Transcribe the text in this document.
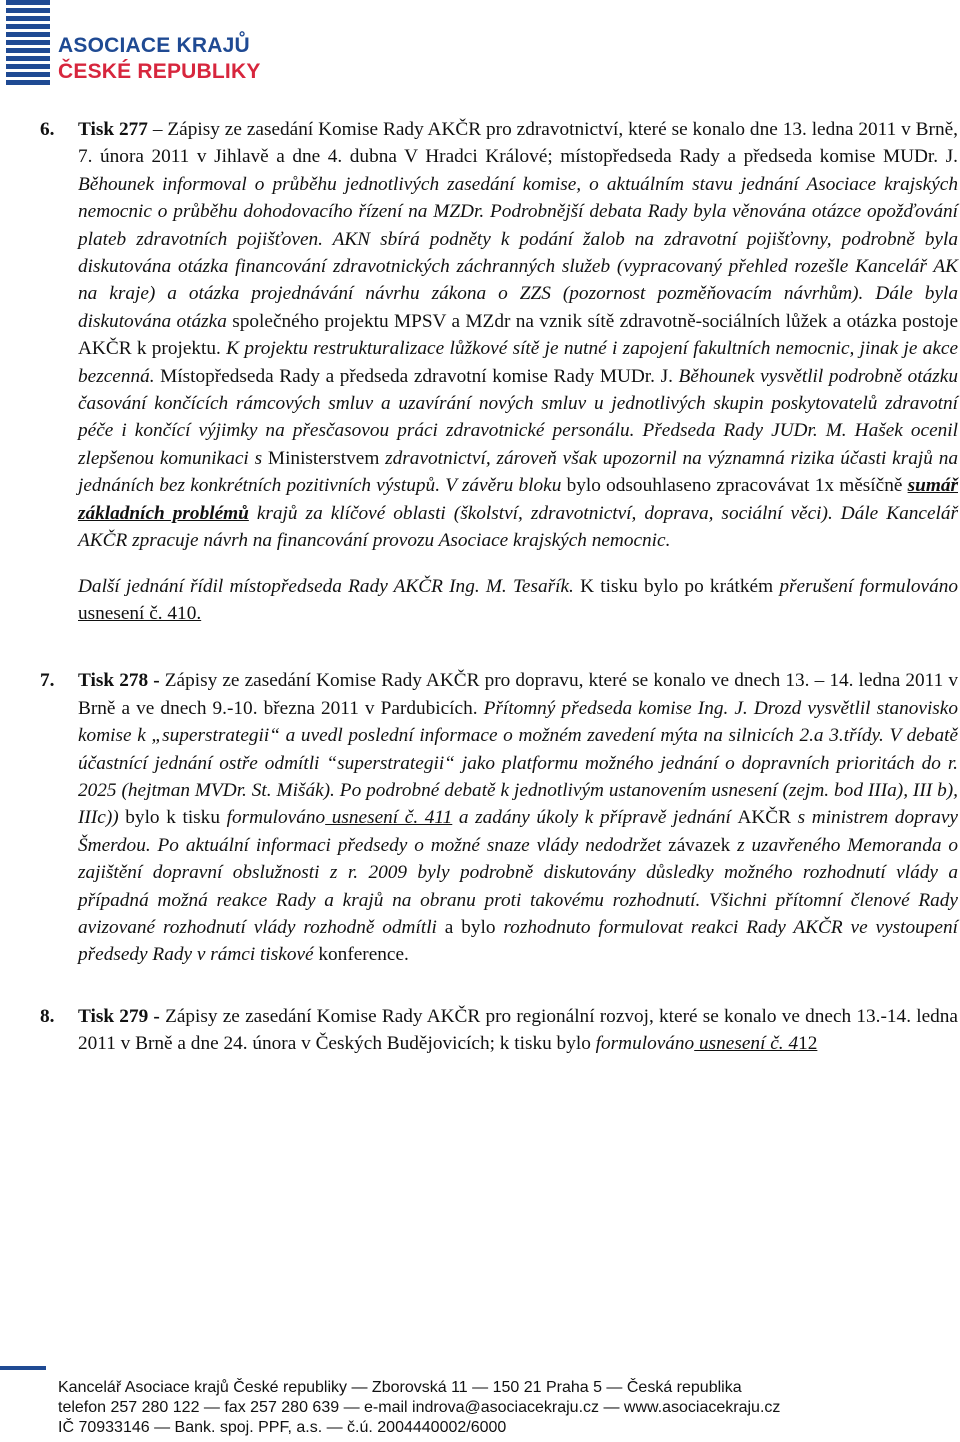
ASOCIACE KRAJŮ
ČESKÉ REPUBLIKY
6.	Tisk 277 – Zápisy ze zasedání Komise Rady AKČR pro zdravotnictví, které se konalo dne 13. ledna 2011 v Brně, 7. února 2011 v Jihlavě a dne 4. dubna V Hradci Králové; místopředseda Rady a předseda komise MUDr. J. Běhounek informoval o průběhu jednotlivých zasedání komise, o aktuálním stavu jednání Asociace krajských nemocnic o průběhu dohodovacího řízení na MZDr. Podrobnější debata Rady byla věnována otázce opožďování plateb zdravotních pojišťoven. AKN sbírá podněty k podání žalob na zdravotní pojišťovny, podrobně byla diskutována otázka financování zdravotnických záchranných služeb (vypracovaný přehled rozešle Kancelář AK na kraje) a otázka projednávání návrhu zákona o ZZS (pozornost pozměňovacím návrhům). Dále byla diskutována otázka společného projektu MPSV a MZdr na vznik sítě zdravotně-sociálních lůžek a otázka postoje AKČR k projektu. K projektu restrukturalizace lůžkové sítě je nutné i zapojení fakultních nemocnic, jinak je akce bezcenná. Místopředseda Rady a předseda zdravotní komise Rady MUDr. J. Běhounek vysvětlil podrobně otázku časování končících rámcových smluv a uzavírání nových smluv u jednotlivých skupin poskytovatelů zdravotní péče i končící výjimky na přesčasovou práci zdravotnické personálu. Předseda Rady JUDr. M. Hašek ocenil zlepšenou komunikaci s Ministerstvem zdravotnictví, zároveň však upozornil na významná rizika účasti krajů na jednáních bez konkrétních pozitivních výstupů. V závěru bloku bylo odsouhlaseno zpracovávat 1x měsíčně sumář základních problémů krajů za klíčové oblasti (školství, zdravotnictví, doprava, sociální věci). Dále Kancelář AKČR zpracuje návrh na financování provozu Asociace krajských nemocnic.
Další jednání řídil místopředseda Rady AKČR Ing. M. Tesařík. K tisku bylo po krátkém přerušení formulováno usnesení č. 410.
7.	Tisk 278 - Zápisy ze zasedání Komise Rady AKČR pro dopravu, které se konalo ve dnech 13. – 14. ledna 2011 v Brně a ve dnech 9.-10. března 2011 v Pardubicích. Přítomný předseda komise Ing. J. Drozd vysvětlil stanovisko komise k „superstrategii“ a uvedl poslední informace o možném zavedení mýta na silnicích 2.a 3.třídy. V debatě účastnící jednání ostře odmítli “superstrategii“ jako platformu možného jednání o dopravních prioritách do r. 2025 (hejtman MVDr. St. Mišák). Po podrobné debatě k jednotlivým ustanovením usnesení (zejm. bod IIIa), III b), IIIc)) bylo k tisku formulováno usnesení č. 411 a zadány úkoly k přípravě jednání AKČR s ministrem dopravy Šmerdou. Po aktuální informaci předsedy o možné snaze vlády nedodržet závazek z uzavřeného Memoranda o zajištění dopravní obslužnosti z r. 2009 byly podrobně diskutovány důsledky možného rozhodnutí vlády a případná možná reakce Rady a krajů na obranu proti takovému rozhodnutí. Všichni přítomní členové Rady avizované rozhodnutí vlády rozhodně odmítli a bylo rozhodnuto formulovat reakci Rady AKČR ve vystoupení předsedy Rady v rámci tiskové konference.
8.	Tisk 279 - Zápisy ze zasedání Komise Rady AKČR pro regionální rozvoj, které se konalo ve dnech 13.-14. ledna 2011 v Brně a dne 24. února v Českých Budějovicích; k tisku bylo formulováno usnesení č. 412
Kancelář Asociace krajů České republiky — Zborovská 11 — 150 21 Praha 5 — Česká republika
telefon 257 280 122 — fax 257 280 639 — e-mail indrova@asociacekraju.cz — www.asociacekraju.cz
IČ 70933146 — Bank. spoj. PPF, a.s. — č.ú. 2004440002/6000
